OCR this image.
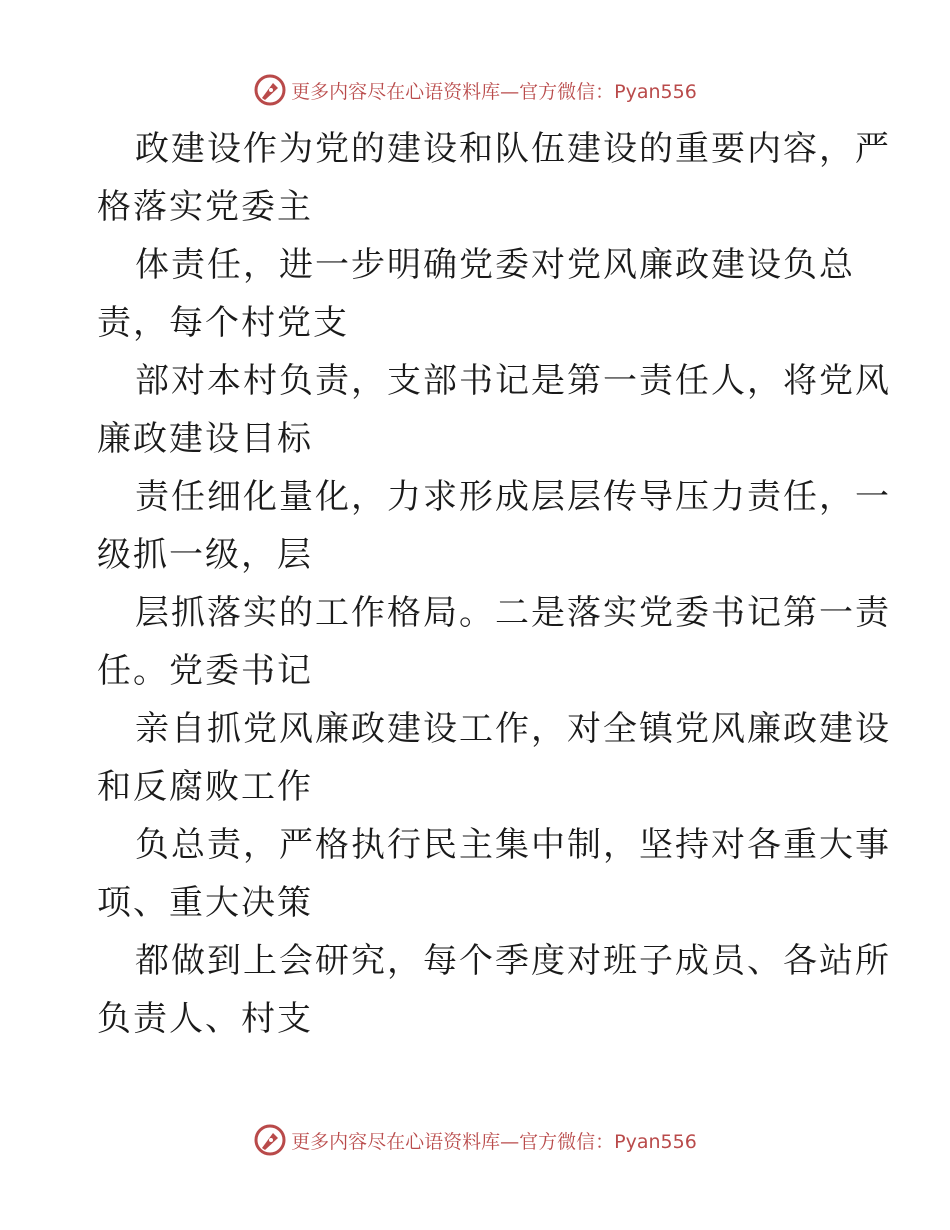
更多内容尽在心语资料库—官方微信：Pyan556

政建设作为党的建设和队伍建设的重要内容，严
格落实党委主

体责任，进一步明确党委对党风廉政建设负总
责，每个村党支

部对本村负责，支部书记是第一责任人，将党风
廉政建设目标

责任细化量化，力求形成层层传导压力责任，一
级抓一级，层

层抓落实的工作格局。二是落实党委书记第一责
任。党委书记

亲自抓党风廉政建设工作，对全镇党风廉政建设
和反腐败工作

负总责，严格执行民主集中制，坚持对各重大事
项、重大决策

都做到上会研究，每个季度对班子成员、各站所
负责人、村支

更多内容尽在心语资料库—官方微信：Pyan556
